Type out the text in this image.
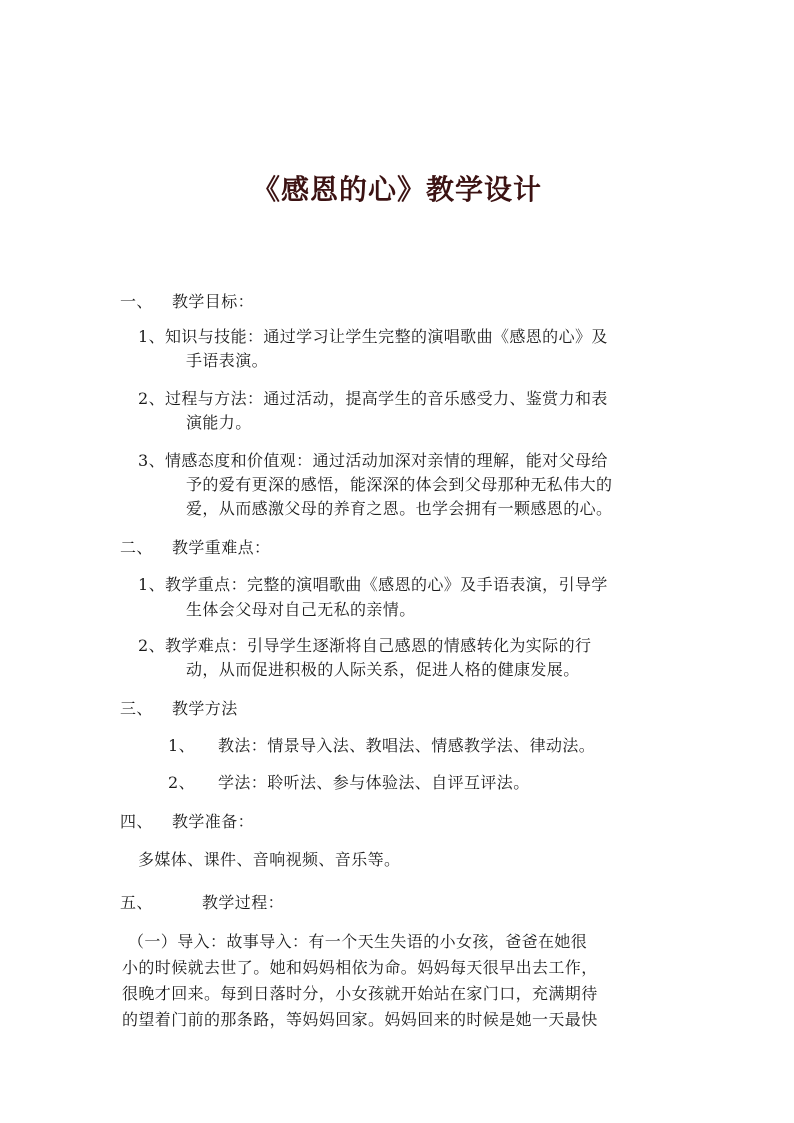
《感恩的心》教学设计
一、 教学目标：
1、知识与技能：通过学习让学生完整的演唱歌曲《感恩的心》及
手语表演。
2、过程与方法：通过活动，提高学生的音乐感受力、鉴赏力和表
演能力。
3、情感态度和价值观：通过活动加深对亲情的理解，能对父母给
予的爱有更深的感悟，能深深的体会到父母那种无私伟大的
爱，从而感激父母的养育之恩。也学会拥有一颗感恩的心。
二、 教学重难点：
1、教学重点：完整的演唱歌曲《感恩的心》及手语表演，引导学
生体会父母对自己无私的亲情。
2、教学难点：引导学生逐渐将自己感恩的情感转化为实际的行
动，从而促进积极的人际关系，促进人格的健康发展。
三、 教学方法
1、 教法：情景导入法、教唱法、情感教学法、律动法。
2、 学法：聆听法、参与体验法、自评互评法。
四、 教学准备：
多媒体、课件、音响视频、音乐等。
五、	教学过程：
（一）导入：故事导入：有一个天生失语的小女孩，爸爸在她很
小的时候就去世了。她和妈妈相依为命。妈妈每天很早出去工作，
很晚才回来。每到日落时分，小女孩就开始站在家门口，充满期待
的望着门前的那条路，等妈妈回家。妈妈回来的时候是她一天最快
